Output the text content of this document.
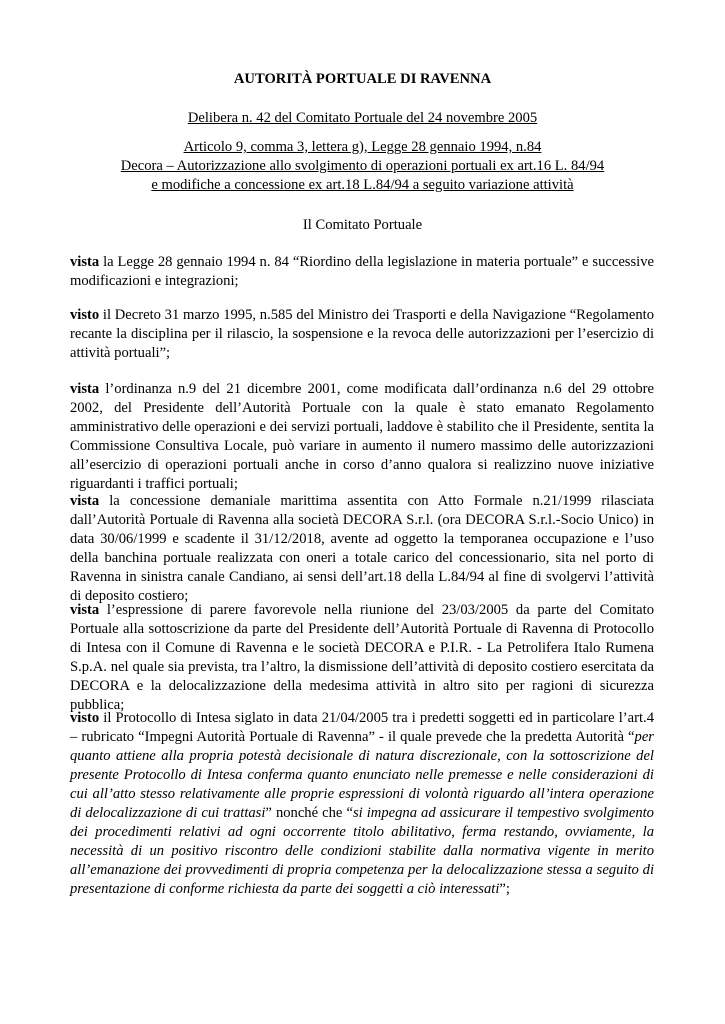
AUTORITÀ PORTUALE DI RAVENNA
Delibera n. 42 del Comitato Portuale del 24 novembre 2005
Articolo 9, comma 3, lettera g), Legge 28 gennaio 1994, n.84
Decora – Autorizzazione allo svolgimento di operazioni portuali ex art.16 L. 84/94
e modifiche a concessione ex art.18 L.84/94 a seguito variazione attività
Il Comitato Portuale

vista la Legge 28 gennaio 1994 n. 84 “Riordino della legislazione in materia portuale” e successive modificazioni e integrazioni;

visto il Decreto 31 marzo 1995, n.585 del Ministro dei Trasporti e della Navigazione “Regolamento recante la disciplina per il rilascio, la sospensione e la revoca delle autorizzazioni per l’esercizio di attività portuali”;

vista l’ordinanza n.9 del 21 dicembre 2001, come modificata dall’ordinanza n.6 del 29 ottobre 2002, del Presidente dell’Autorità Portuale con la quale è stato emanato Regolamento amministrativo delle operazioni e dei servizi portuali, laddove è stabilito che il Presidente, sentita la Commissione Consultiva Locale, può variare in aumento il numero massimo delle autorizzazioni all’esercizio di operazioni portuali anche in corso d’anno qualora si realizzino nuove iniziative riguardanti i traffici portuali;

vista la concessione demaniale marittima assentita con Atto Formale n.21/1999 rilasciata dall’Autorità Portuale di Ravenna alla società DECORA S.r.l. (ora DECORA S.r.l.-Socio Unico) in data 30/06/1999 e scadente il 31/12/2018, avente ad oggetto la temporanea occupazione e l’uso della banchina portuale realizzata con oneri a totale carico del concessionario, sita nel porto di Ravenna in sinistra canale Candiano, ai sensi dell’art.18 della L.84/94 al fine di svolgervi l’attività di deposito costiero;

vista l’espressione di parere favorevole nella riunione del 23/03/2005 da parte del Comitato Portuale alla sottoscrizione da parte del Presidente dell’Autorità Portuale di Ravenna di Protocollo di Intesa con il Comune di Ravenna e le società DECORA e P.I.R. - La Petrolifera Italo Rumena S.p.A. nel quale sia prevista, tra l’altro, la dismissione dell’attività di deposito costiero esercitata da DECORA e la delocalizzazione della medesima attività in altro sito per ragioni di sicurezza pubblica;

visto il Protocollo di Intesa siglato in data 21/04/2005 tra i predetti soggetti ed in particolare l’art.4 – rubricato “Impegni Autorità Portuale di Ravenna” - il quale prevede che la predetta Autorità “per quanto attiene alla propria potestà decisionale di natura discrezionale, con la sottoscrizione del presente Protocollo di Intesa conferma quanto enunciato nelle premesse e nelle considerazioni di cui all’atto stesso relativamente alle proprie espressioni di volontà riguardo all’intera operazione di delocalizzazione di cui trattasi” nonché che “si impegna ad assicurare il tempestivo svolgimento dei procedimenti relativi ad ogni occorrente titolo abilitativo, ferma restando, ovviamente, la necessità di un positivo riscontro delle condizioni stabilite dalla normativa vigente in merito all’emanazione dei provvedimenti di propria competenza per la delocalizzazione stessa a seguito di presentazione di conforme richiesta da parte dei soggetti a ciò interessati”;
